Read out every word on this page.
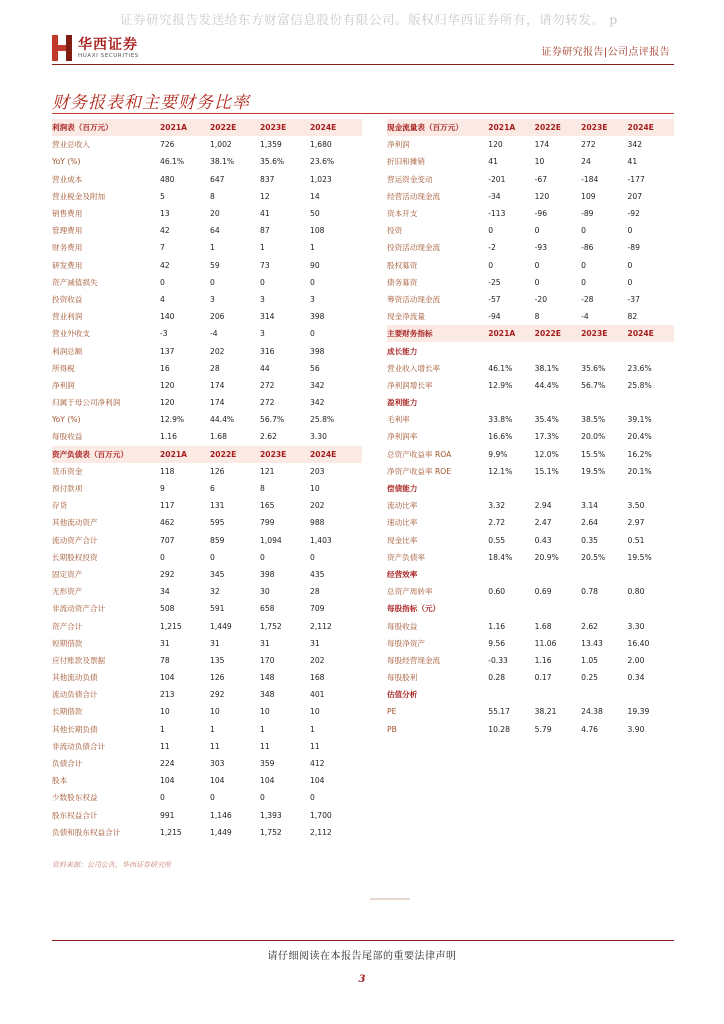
证券研究报告发送给东方财富信息股份有限公司。版权归华西证券所有，请勿转发。 p
华西证券
HUAXI SECURITIES	证券研究报告|公司点评报告
财务报表和主要财务比率
利润表（百万元）	2021A	2022E	2023E	2024E
营业总收入	726	1,002	1,359	1,680
YoY (%)	46.1%	38.1%	35.6%	23.6%
营业成本	480	647	837	1,023
营业税金及附加	5	8	12	14
销售费用	13	20	41	50
管理费用	42	64	87	108
财务费用	7	1	1	1
研发费用	42	59	73	90
资产减值损失	0	0	0	0
投资收益	4	3	3	3
营业利润	140	206	314	398
营业外收支	-3	-4	3	0
利润总额	137	202	316	398
所得税	16	28	44	56
净利润	120	174	272	342
归属于母公司净利润	120	174	272	342
YoY (%)	12.9%	44.4%	56.7%	25.8%
每股收益	1.16	1.68	2.62	3.30
资产负债表（百万元）	2021A	2022E	2023E	2024E
货币资金	118	126	121	203
预付款项	9	6	8	10
存货	117	131	165	202
其他流动资产	462	595	799	988
流动资产合计	707	859	1,094	1,403
长期股权投资	0	0	0	0
固定资产	292	345	398	435
无形资产	34	32	30	28
非流动资产合计	508	591	658	709
资产合计	1,215	1,449	1,752	2,112
短期借款	31	31	31	31
应付账款及票据	78	135	170	202
其他流动负债	104	126	148	168
流动负债合计	213	292	348	401
长期借款	10	10	10	10
其他长期负债	1	1	1	1
非流动负债合计	11	11	11	11
负债合计	224	303	359	412
股本	104	104	104	104
少数股东权益	0	0	0	0
股东权益合计	991	1,146	1,393	1,700
负债和股东权益合计	1,215	1,449	1,752	2,112
现金流量表（百万元）	2021A	2022E	2023E	2024E
净利润	120	174	272	342
折旧和摊销	41	10	24	41
营运资金变动	-201	-67	-184	-177
经营活动现金流	-34	120	109	207
资本开支	-113	-96	-89	-92
投资	0	0	0	0
投资活动现金流	-2	-93	-86	-89
股权募资	0	0	0	0
债务募资	-25	0	0	0
筹资活动现金流	-57	-20	-28	-37
现金净流量	-94	8	-4	82
主要财务指标	2021A	2022E	2023E	2024E
成长能力
营业收入增长率	46.1%	38.1%	35.6%	23.6%
净利润增长率	12.9%	44.4%	56.7%	25.8%
盈利能力
毛利率	33.8%	35.4%	38.5%	39.1%
净利润率	16.6%	17.3%	20.0%	20.4%
总资产收益率 ROA	9.9%	12.0%	15.5%	16.2%
净资产收益率 ROE	12.1%	15.1%	19.5%	20.1%
偿债能力
流动比率	3.32	2.94	3.14	3.50
速动比率	2.72	2.47	2.64	2.97
现金比率	0.55	0.43	0.35	0.51
资产负债率	18.4%	20.9%	20.5%	19.5%
经营效率
总资产周转率	0.60	0.69	0.78	0.80
每股指标（元）
每股收益	1.16	1.68	2.62	3.30
每股净资产	9.56	11.06	13.43	16.40
每股经营现金流	-0.33	1.16	1.05	2.00
每股股利	0.28	0.17	0.25	0.34
估值分析
PE	55.17	38.21	24.38	19.39
PB	10.28	5.79	4.76	3.90
资料来源：公司公告，华西证券研究所
请仔细阅读在本报告尾部的重要法律声明
3
